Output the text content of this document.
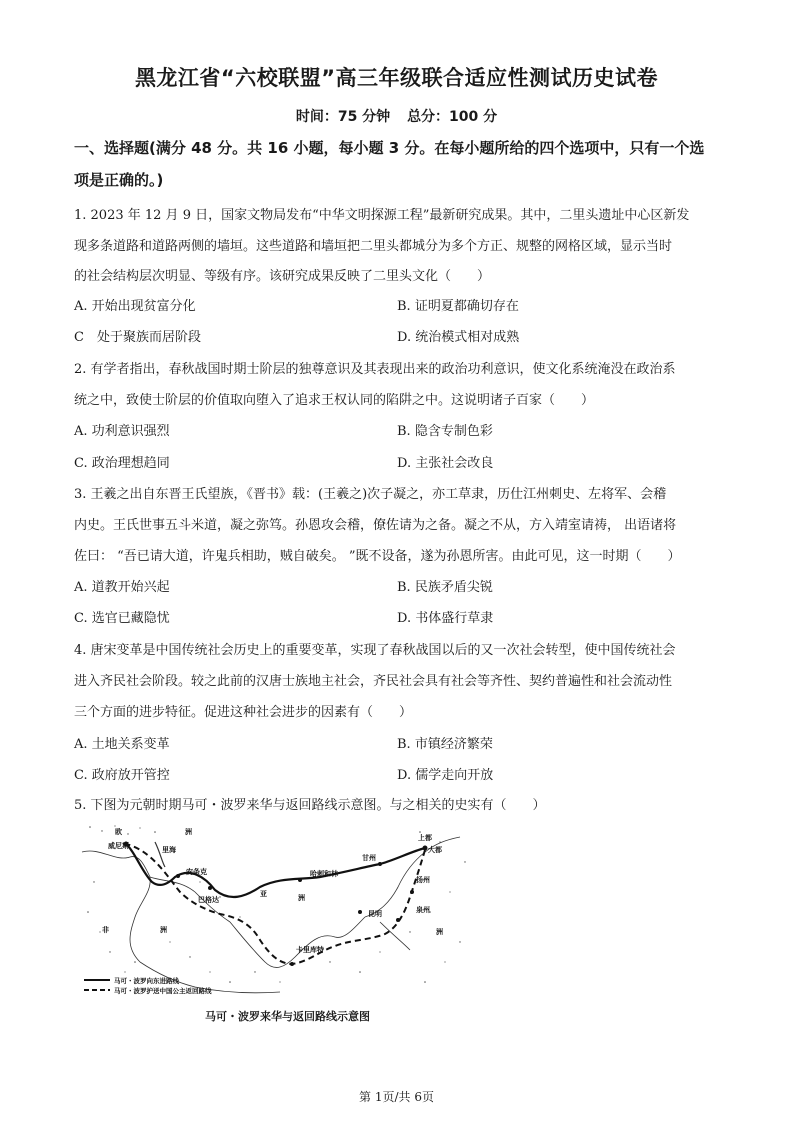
黑龙江省“六校联盟”高三年级联合适应性测试历史试卷
时间：75 分钟 总分：100 分
一、选择题(满分 48 分。共 16 小题，每小题 3 分。在每小题所给的四个选项中，只有一个选
项是正确的。)
1. 2023 年 12 月 9 日，国家文物局发布“中华文明探源工程”最新研究成果。其中，二里头遗址中心区新发
现多条道路和道路两侧的墙垣。这些道路和墙垣把二里头都城分为多个方正、规整的网格区域，显示当时
的社会结构层次明显、等级有序。该研究成果反映了二里头文化（　　）
A. 开始出现贫富分化	B. 证明夏都确切存在
C　处于聚族而居阶段	D. 统治模式相对成熟
2. 有学者指出，春秋战国时期士阶层的独尊意识及其表现出来的政治功利意识，使文化系统淹没在政治系
统之中，致使士阶层的价值取向堕入了追求王权认同的陷阱之中。这说明诸子百家（　　）
A. 功利意识强烈	B. 隐含专制色彩
C. 政治理想趋同	D. 主张社会改良
3. 王羲之出自东晋王氏望族，《晋书》载：(王羲之)次子凝之，亦工草隶，历仕江州刺史、左将军、会稽
内史。王氏世事五斗米道，凝之弥笃。孙恩攻会稽，僚佐请为之备。凝之不从，方入靖室请祷， 出语诸将
佐曰： “吾已请大道，许鬼兵相助，贼自破矣。 ”既不设备，遂为孙恩所害。由此可见，这一时期（　　）
A. 道教开始兴起	B. 民族矛盾尖锐
C. 选官已藏隐忧	D. 书体盛行草隶
4. 唐宋变革是中国传统社会历史上的重要变革，实现了春秋战国以后的又一次社会转型，使中国传统社会
进入齐民社会阶段。较之此前的汉唐士族地主社会，齐民社会具有社会等齐性、契约普遍性和社会流动性
三个方面的进步特征。促进这种社会进步的因素有（　　）
A. 土地关系变革	B. 市镇经济繁荣
C. 政府放开管控	D. 儒学走向开放
5. 下图为元朝时期马可・波罗来华与返回路线示意图。与之相关的史实有（　　）
欧
威尼斯
洲
里海
亚	洲
安条克
巴格达
哈剌和林
甘州
上都
大都
扬州
泉州
昆明
非	洲
卡里库特
洲
马可・波罗向东进路线
马可・波罗护送中国公主返回路线
马可・波罗来华与返回路线示意图
第 1页/共 6页
